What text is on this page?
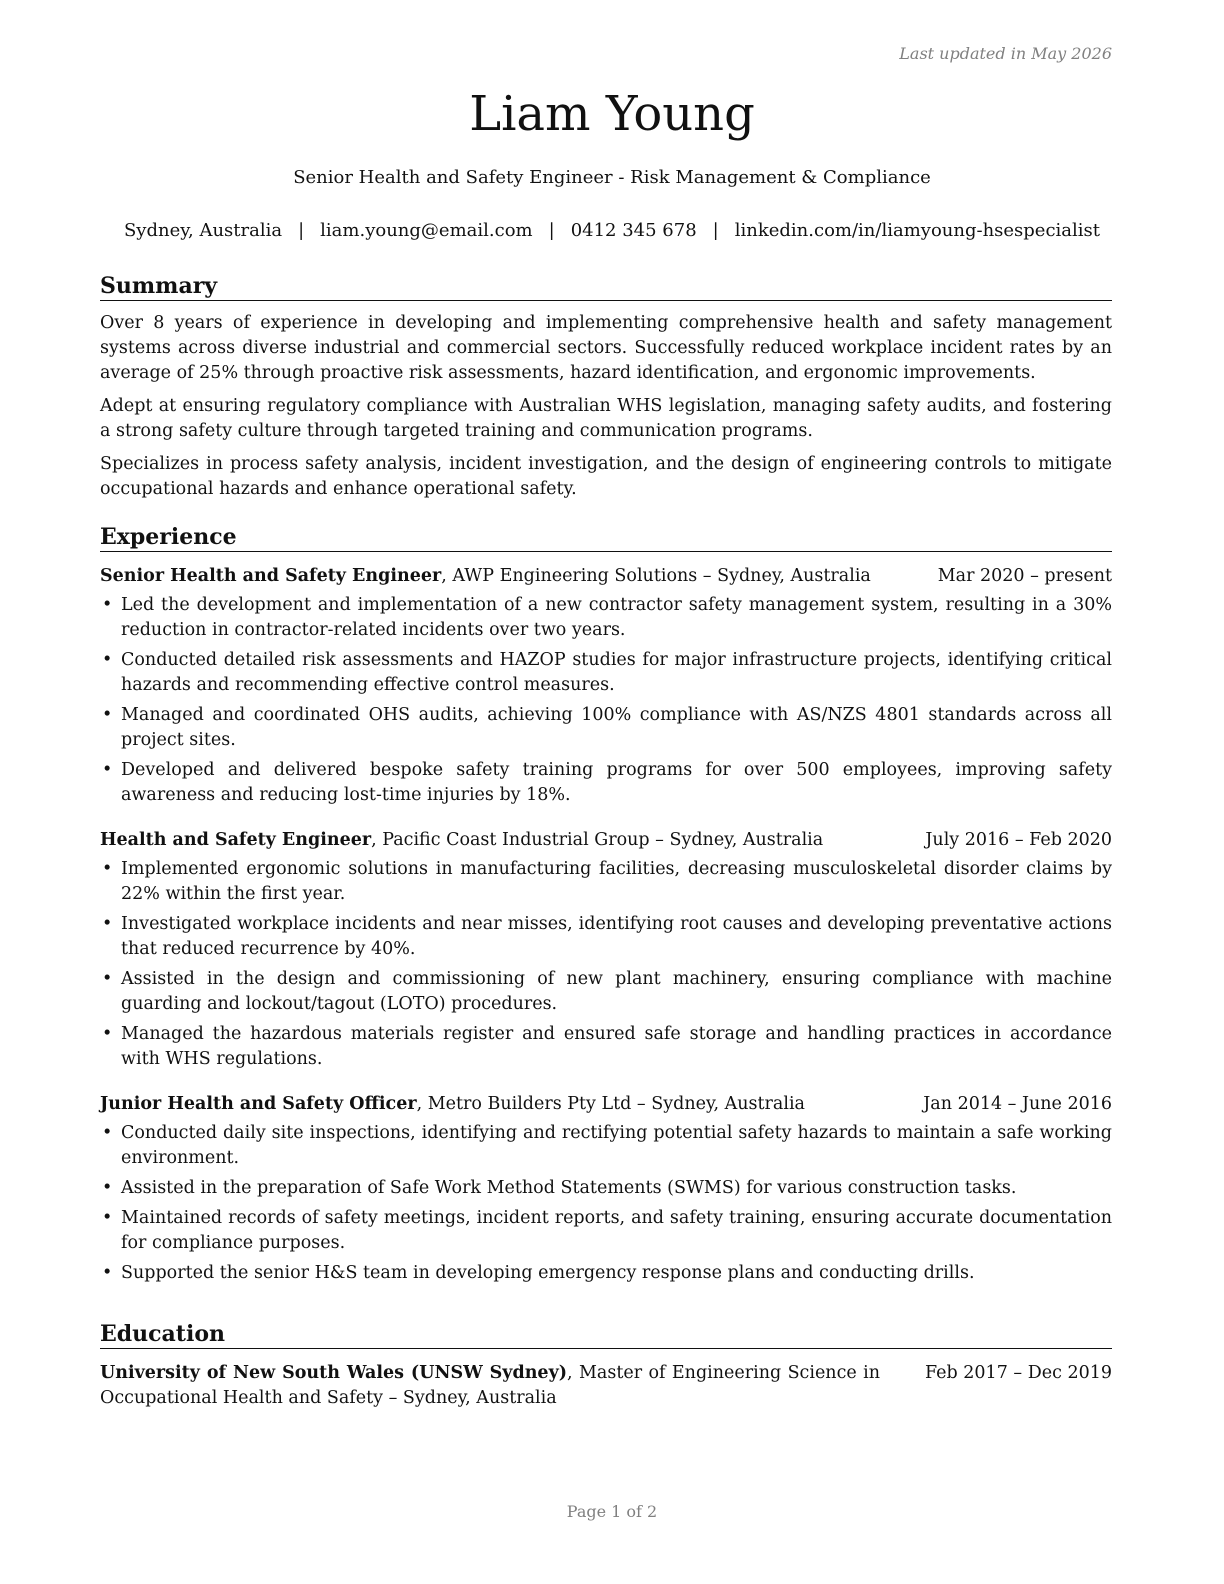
Last updated in May 2026
Liam Young
Senior Health and Safety Engineer - Risk Management & Compliance
Sydney, Australia | liam.young@email.com | 0412 345 678 | linkedin.com/in/liamyoung-hsespecialist
Summary

Over 8 years of experience in developing and implementing comprehensive health and safety management systems across diverse industrial and commercial sectors. Successfully reduced workplace incident rates by an average of 25% through proactive risk assessments, hazard identification, and ergonomic improvements.

Adept at ensuring regulatory compliance with Australian WHS legislation, managing safety audits, and fostering a strong safety culture through targeted training and communication programs.

Specializes in process safety analysis, incident investigation, and the design of engineering controls to mitigate occupational hazards and enhance operational safety.

Experience
Senior Health and Safety Engineer, AWP Engineering Solutions – Sydney, Australia	Mar 2020 – present
• Led the development and implementation of a new contractor safety management system, resulting in a 30% reduction in contractor-related incidents over two years.
• Conducted detailed risk assessments and HAZOP studies for major infrastructure projects, identifying critical hazards and recommending effective control measures.
• Managed and coordinated OHS audits, achieving 100% compliance with AS/NZS 4801 standards across all project sites.
• Developed and delivered bespoke safety training programs for over 500 employees, improving safety awareness and reducing lost-time injuries by 18%.
Health and Safety Engineer, Pacific Coast Industrial Group – Sydney, Australia	July 2016 – Feb 2020
• Implemented ergonomic solutions in manufacturing facilities, decreasing musculoskeletal disorder claims by 22% within the first year.
• Investigated workplace incidents and near misses, identifying root causes and developing preventative actions that reduced recurrence by 40%.
• Assisted in the design and commissioning of new plant machinery, ensuring compliance with machine guarding and lockout/tagout (LOTO) procedures.
• Managed the hazardous materials register and ensured safe storage and handling practices in accordance with WHS regulations.
Junior Health and Safety Officer, Metro Builders Pty Ltd – Sydney, Australia	Jan 2014 – June 2016
• Conducted daily site inspections, identifying and rectifying potential safety hazards to maintain a safe working environment.
• Assisted in the preparation of Safe Work Method Statements (SWMS) for various construction tasks.
• Maintained records of safety meetings, incident reports, and safety training, ensuring accurate documentation for compliance purposes.
• Supported the senior H&S team in developing emergency response plans and conducting drills.
Education
University of New South Wales (UNSW Sydney), Master of Engineering Science in Occupational Health and Safety – Sydney, Australia
Feb 2017 – Dec 2019
Page 1 of 2
